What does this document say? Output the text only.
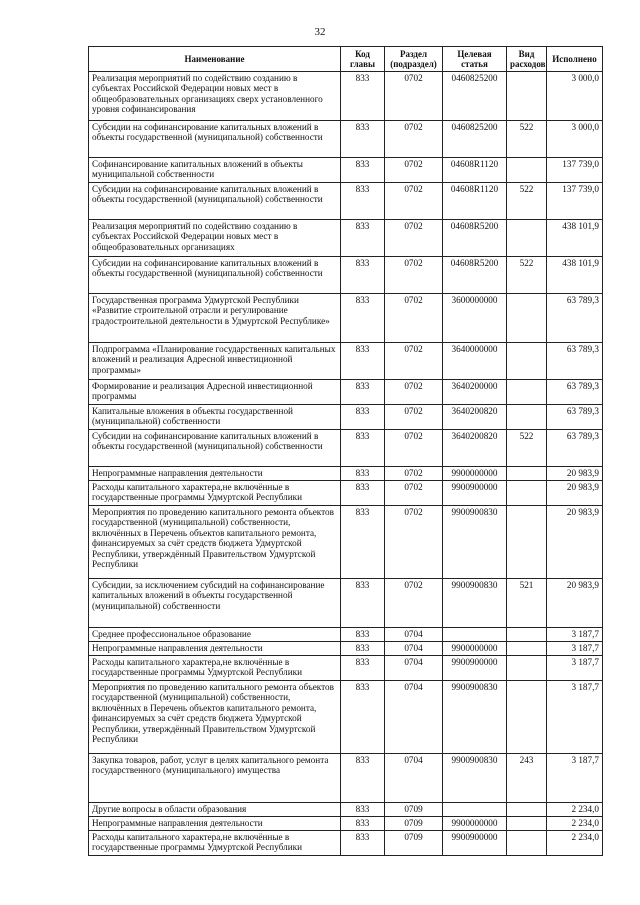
32
Наименование	Код главы	Раздел (подраздел)	Целевая статья	Вид расходов	Исполнено
Реализация мероприятий по содействию созданию в субъектах Российской Федерации новых мест в общеобразовательных организациях сверх установленного уровня софинансирования	833	0702	0460825200		3 000,0
Субсидии на софинансирование капитальных вложений в объекты государственной (муниципальной) собственности	833	0702	0460825200	522	3 000,0
Софинансирование капитальных вложений в объекты муниципальной собственности	833	0702	04608R1120		137 739,0
Субсидии на софинансирование капитальных вложений в объекты государственной (муниципальной) собственности	833	0702	04608R1120	522	137 739,0
Реализация мероприятий по содействию созданию в субъектах Российской Федерации новых мест в общеобразовательных организациях	833	0702	04608R5200		438 101,9
Субсидии на софинансирование капитальных вложений в объекты государственной (муниципальной) собственности	833	0702	04608R5200	522	438 101,9
Государственная программа Удмуртской Республики «Развитие строительной отрасли и регулирование градостроительной деятельности в Удмуртской Республике»	833	0702	3600000000		63 789,3
Подпрограмма «Планирование государственных капитальных вложений и реализация Адресной инвестиционной программы»	833	0702	3640000000		63 789,3
Формирование и реализация Адресной инвестиционной программы	833	0702	3640200000		63 789,3
Капитальные вложения в объекты государственной (муниципальной) собственности	833	0702	3640200820		63 789,3
Субсидии на софинансирование капитальных вложений в объекты государственной (муниципальной) собственности	833	0702	3640200820	522	63 789,3
Непрограммные направления деятельности	833	0702	9900000000		20 983,9
Расходы капитального характера,не включённые в государственные программы Удмуртской Республики	833	0702	9900900000		20 983,9
Мероприятия по проведению капитального ремонта объектов государственной (муниципальной) собственности, включённых в Перечень объектов капитального ремонта, финансируемых за счёт средств бюджета Удмуртской Республики, утверждённый Правительством Удмуртской Республики	833	0702	9900900830		20 983,9
Субсидии, за исключением субсидий на софинансирование капитальных вложений в объекты государственной (муниципальной) собственности	833	0702	9900900830	521	20 983,9
Среднее профессиональное образование	833	0704			3 187,7
Непрограммные направления деятельности	833	0704	9900000000		3 187,7
Расходы капитального характера,не включённые в государственные программы Удмуртской Республики	833	0704	9900900000		3 187,7
Мероприятия по проведению капитального ремонта объектов государственной (муниципальной) собственности, включённых в Перечень объектов капитального ремонта, финансируемых за счёт средств бюджета Удмуртской Республики, утверждённый Правительством Удмуртской Республики	833	0704	9900900830		3 187,7
Закупка товаров, работ, услуг в целях капитального ремонта государственного (муниципального) имущества	833	0704	9900900830	243	3 187,7
Другие вопросы в области образования	833	0709			2 234,0
Непрограммные направления деятельности	833	0709	9900000000		2 234,0
Расходы капитального характера,не включённые в государственные программы Удмуртской Республики	833	0709	9900900000		2 234,0
